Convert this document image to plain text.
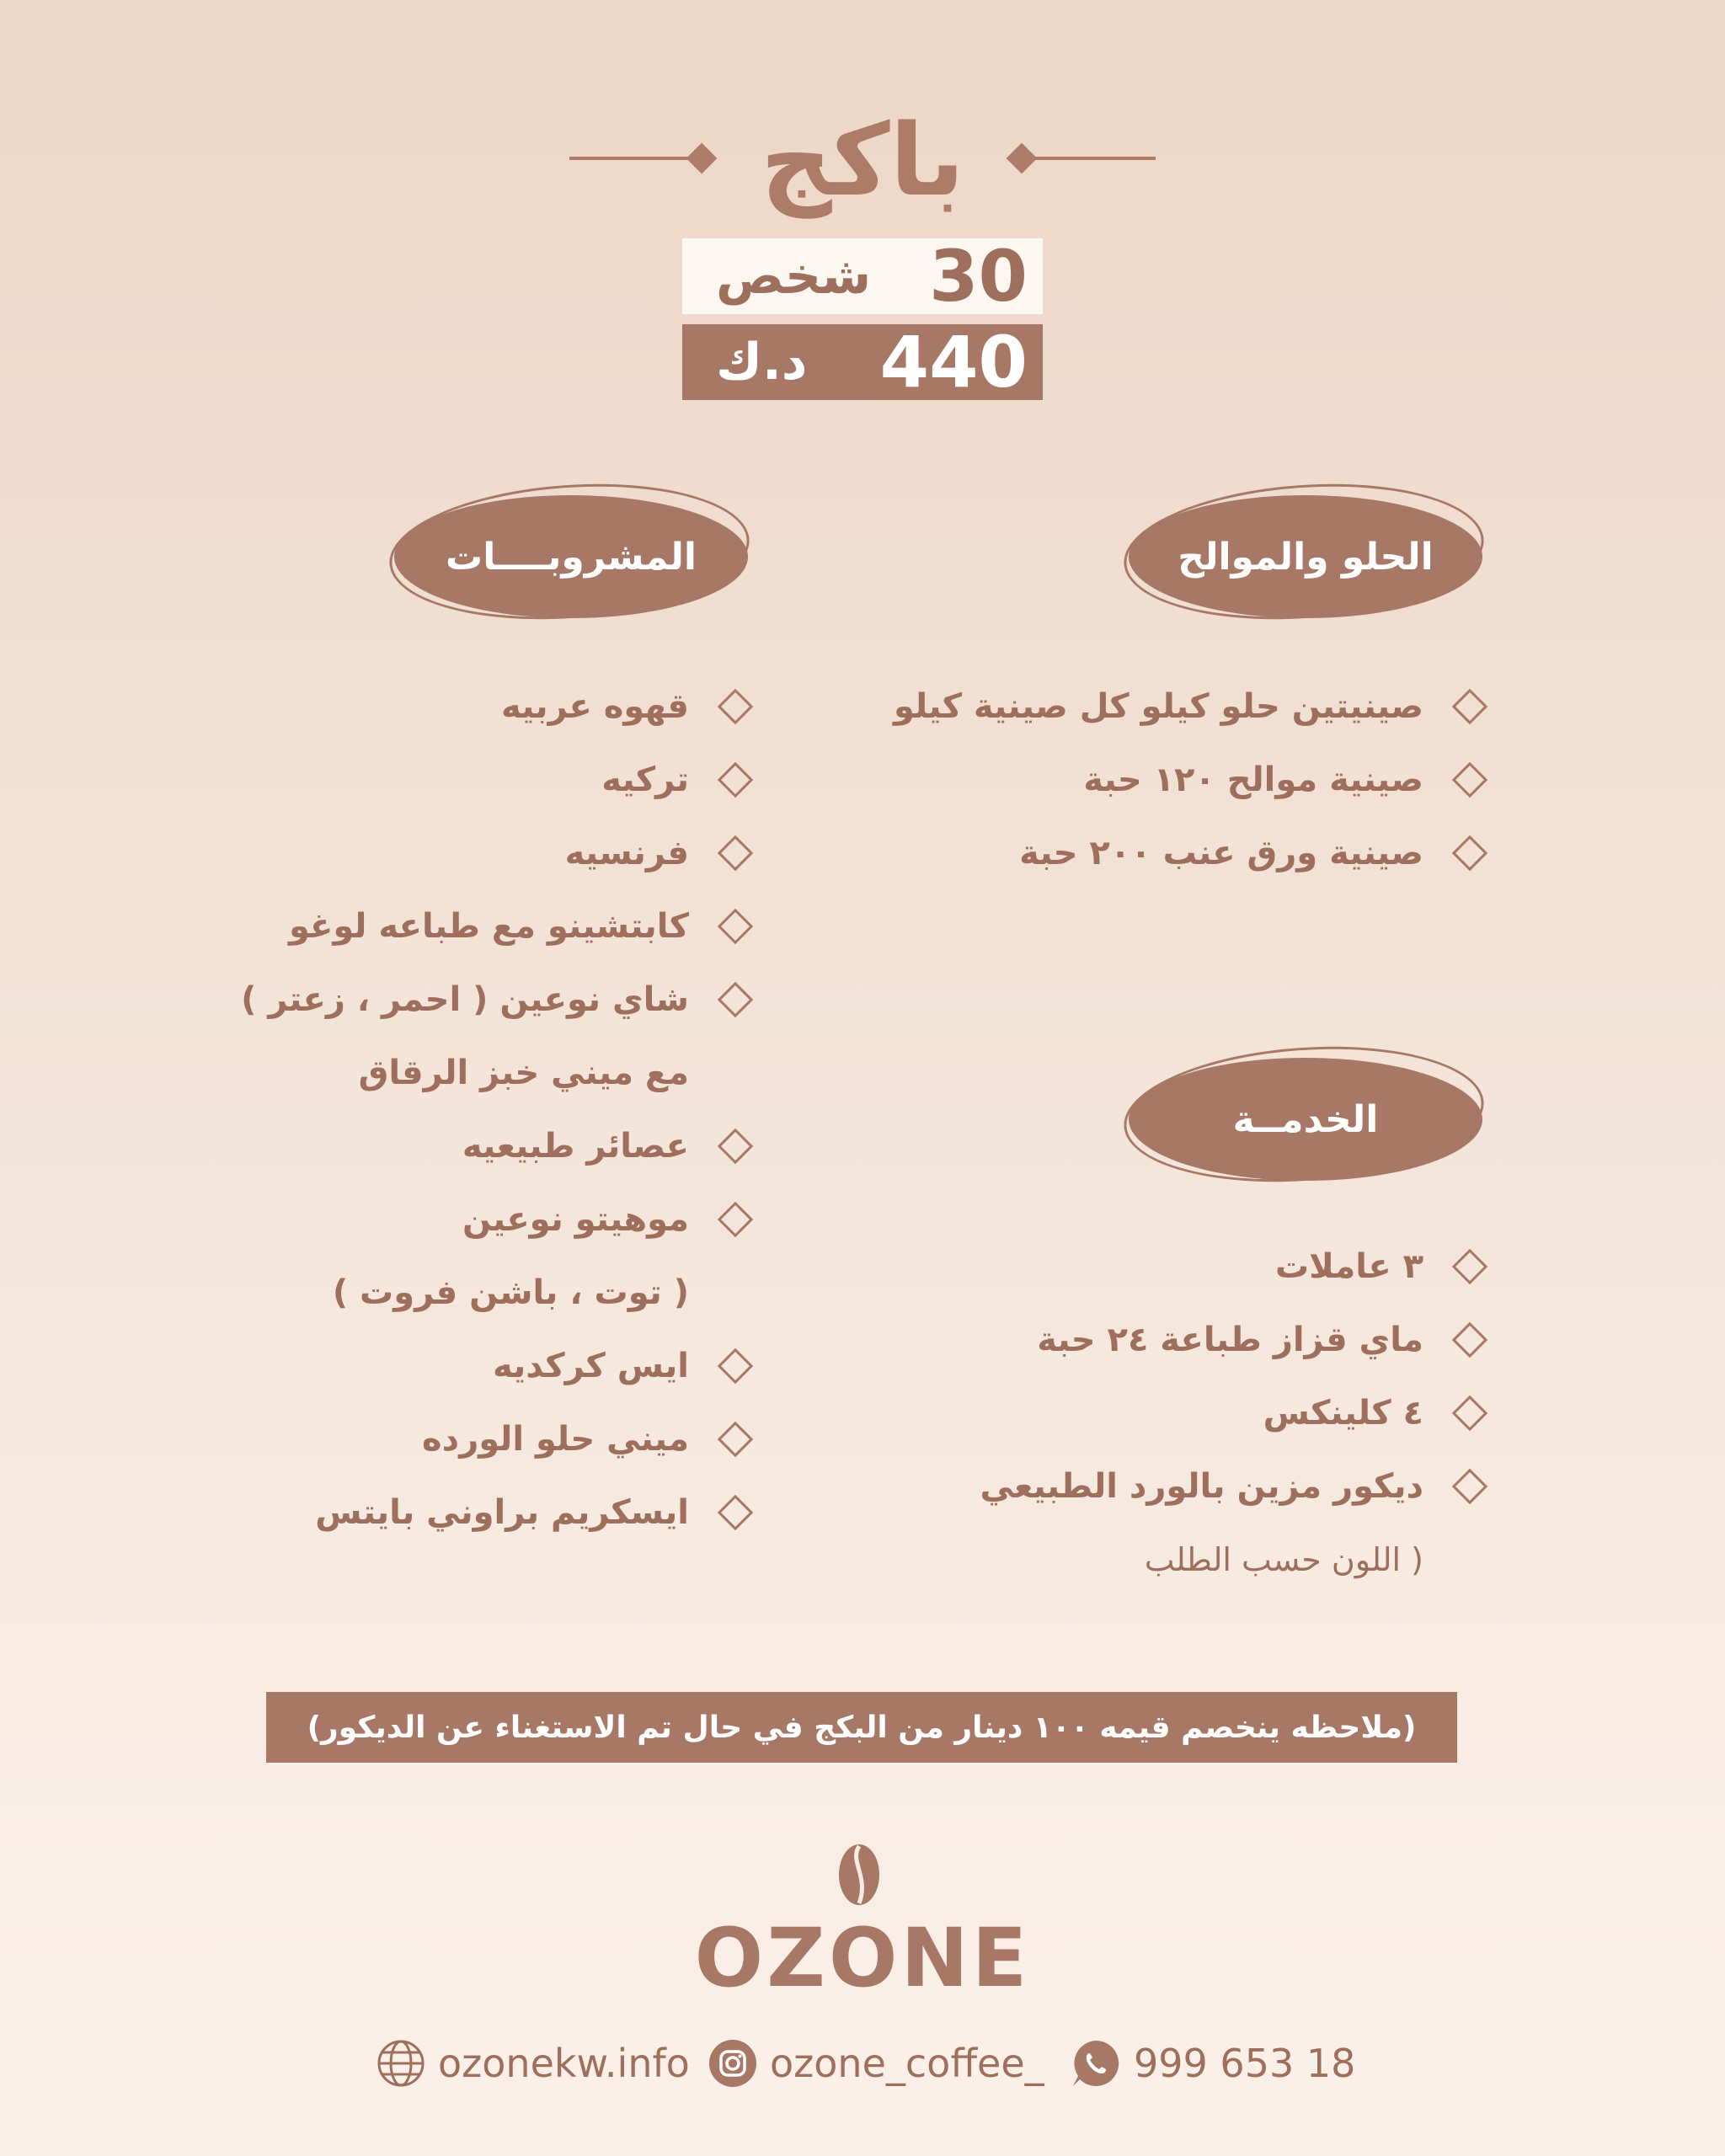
باكج
شخص 30
د.ك 440
الحلو والموالح
المشروبــــات
الخدمــة
صينيتين حلو كيلو كل صينية كيلو
صينية موالح ١٢٠ حبة
صينية ورق عنب ٢٠٠ حبة
قهوه عربيه
تركيه
فرنسيه
كابتشينو مع طباعه لوغو
شاي نوعين ( احمر ، زعتر )
مع ميني خبز الرقاق
عصائر طبيعيه
موهيتو نوعين
( توت ، باشن فروت )
ايس كركديه
ميني حلو الورده
ايسكريم براوني بايتس
٣ عاملات
ماي قزاز طباعة ٢٤ حبة
٤ كلينكس
ديكور مزين بالورد الطبيعي
( اللون حسب الطلب
(ملاحظه ينخصم قيمه ١٠٠ دينار من البكج في حال تم الاستغناء عن الديكور)
OZONE
ozonekw.info ozone_coffee_ 999 653 18
